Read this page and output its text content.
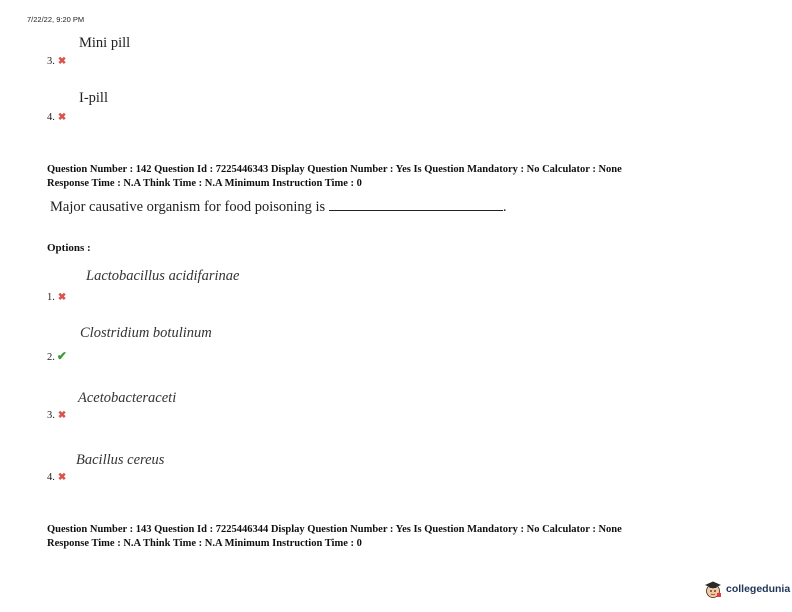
7/22/22, 9:20 PM
Mini pill
3. ✖
I-pill
4. ✖
Question Number : 142 Question Id : 7225446343 Display Question Number : Yes Is Question Mandatory : No Calculator : None
Response Time : N.A Think Time : N.A Minimum Instruction Time : 0
Major causative organism for food poisoning is	.
Options :
Lactobacillus acidifarinae
1. ✖
Clostridium botulinum
2. ✔
Acetobacteraceti
3. ✖
Bacillus cereus
4. ✖
Question Number : 143 Question Id : 7225446344 Display Question Number : Yes Is Question Mandatory : No Calculator : None
Response Time : N.A Think Time : N.A Minimum Instruction Time : 0
collegedunia
